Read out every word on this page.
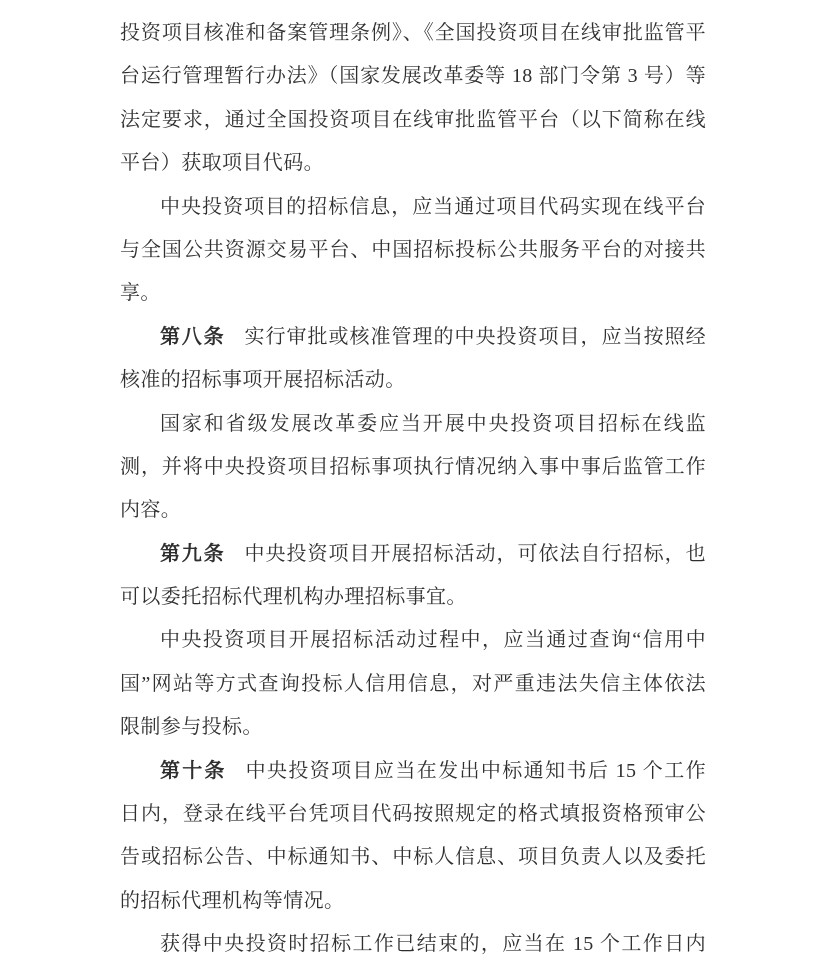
投资项目核准和备案管理条例》、《全国投资项目在线审批监管平
台运行管理暂行办法》（国家发展改革委等 18 部门令第 3 号）等
法定要求，通过全国投资项目在线审批监管平台（以下简称在线
平台）获取项目代码。
中央投资项目的招标信息，应当通过项目代码实现在线平台
与全国公共资源交易平台、中国招标投标公共服务平台的对接共
享。
第八条 实行审批或核准管理的中央投资项目，应当按照经
核准的招标事项开展招标活动。
国家和省级发展改革委应当开展中央投资项目招标在线监
测，并将中央投资项目招标事项执行情况纳入事中事后监管工作
内容。
第九条 中央投资项目开展招标活动，可依法自行招标，也
可以委托招标代理机构办理招标事宜。
中央投资项目开展招标活动过程中，应当通过查询“信用中
国”网站等方式查询投标人信用信息，对严重违法失信主体依法
限制参与投标。
第十条 中央投资项目应当在发出中标通知书后 15 个工作
日内，登录在线平台凭项目代码按照规定的格式填报资格预审公
告或招标公告、中标通知书、中标人信息、项目负责人以及委托
的招标代理机构等情况。
获得中央投资时招标工作已结束的，应当在 15 个工作日内
